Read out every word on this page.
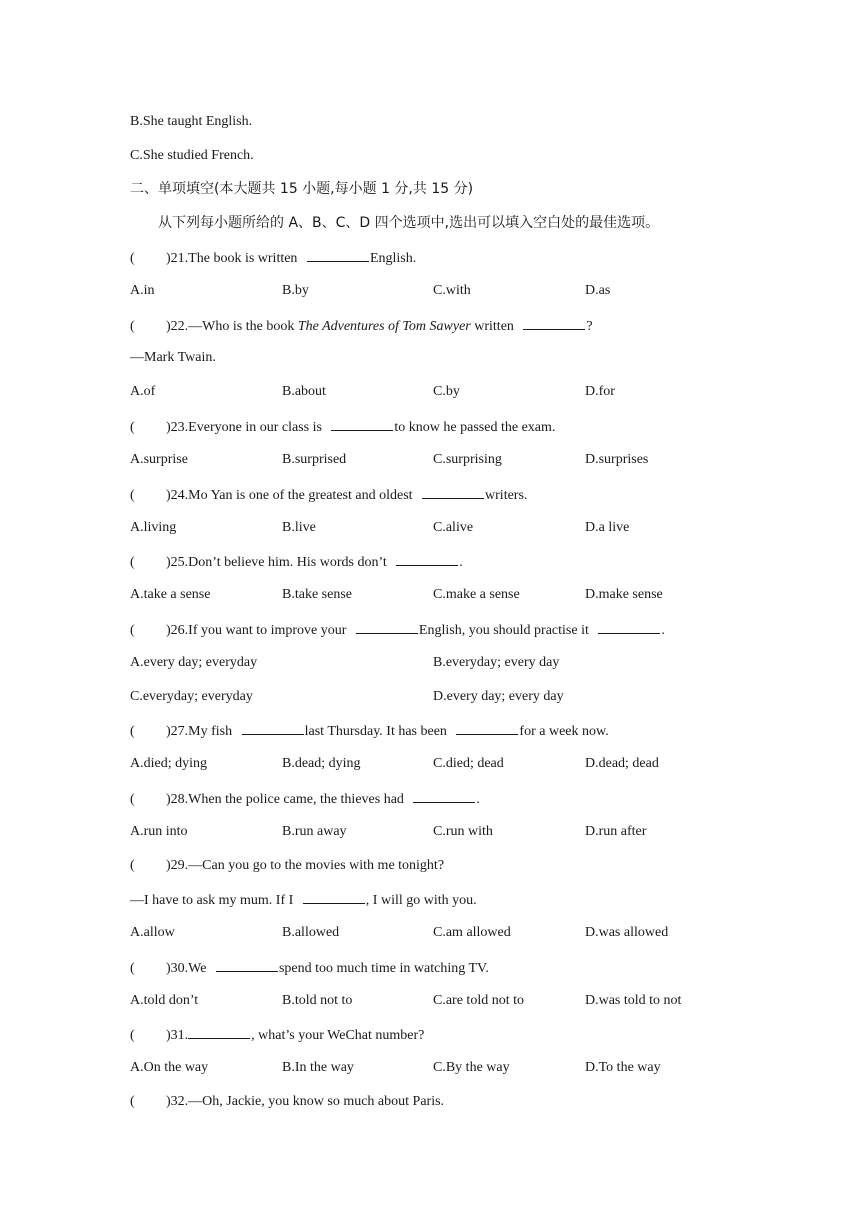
B.She taught English.
C.She studied French.
二、单项填空(本大题共 15 小题,每小题 1 分,共 15 分)
从下列每小题所给的 A、B、C、D 四个选项中,选出可以填入空白处的最佳选项。
( )21.The book is written	English.
A.in	B.by	C.with	D.as
( )22.—Who is the book The Adventures of Tom Sawyer written	?
—Mark Twain.
A.of	B.about	C.by	D.for
( )23.Everyone in our class is	to know he passed the exam.
A.surprise	B.surprised	C.surprising	D.surprises
( )24.Mo Yan is one of the greatest and oldest	writers.
A.living	B.live	C.alive	D.a live
( )25.Don’t believe him. His words don’t	.
A.take a sense	B.take sense	C.make a sense	D.make sense
( )26.If you want to improve your	English, you should practise it	.
A.every day; everyday	B.everyday; every day
C.everyday; everyday	D.every day; every day
( )27.My fish	last Thursday. It has been	for a week now.
A.died; dying	B.dead; dying	C.died; dead	D.dead; dead
( )28.When the police came, the thieves had	.
A.run into	B.run away	C.run with	D.run after
( )29.—Can you go to the movies with me tonight?
—I have to ask my mum. If I	, I will go with you.
A.allow	B.allowed	C.am allowed	D.was allowed
( )30.We	spend too much time in watching TV.
A.told don’t	B.told not to	C.are told not to	D.was told to not
( )31.	, what’s your WeChat number?
A.On the way	B.In the way	C.By the way	D.To the way
( )32.—Oh, Jackie, you know so much about Paris.
